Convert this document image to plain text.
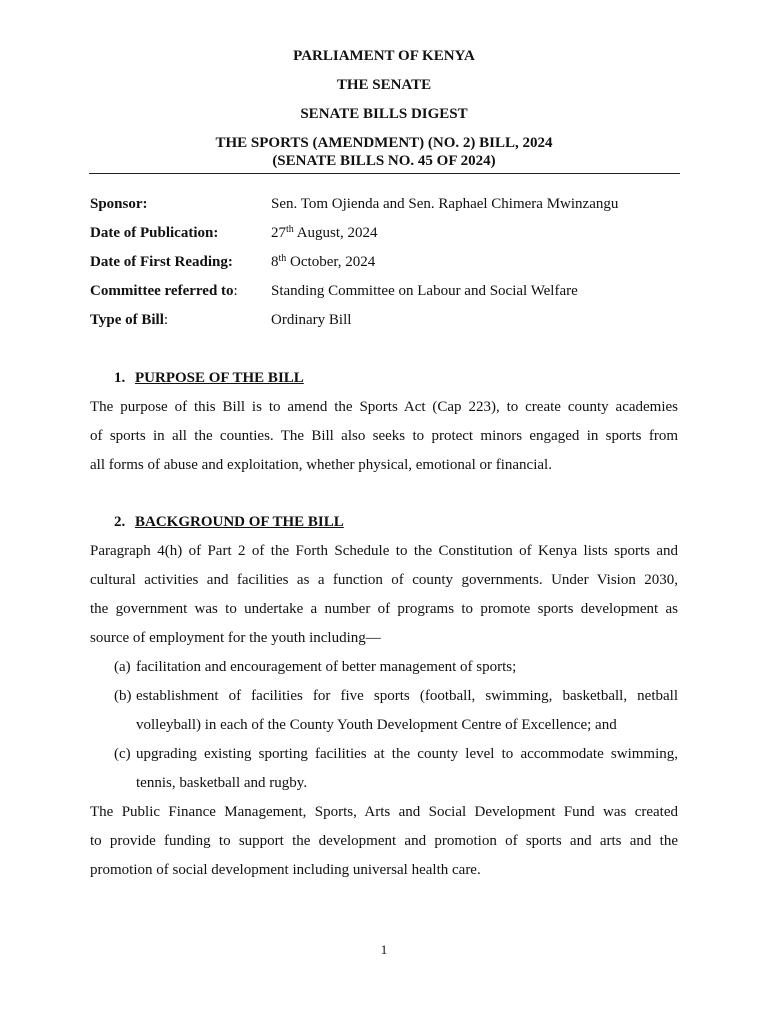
PARLIAMENT OF KENYA
THE SENATE
SENATE BILLS DIGEST
THE SPORTS (AMENDMENT) (NO. 2) BILL, 2024
(SENATE BILLS NO. 45 OF 2024)
Sponsor:	Sen. Tom Ojienda and Sen. Raphael Chimera Mwinzangu
Date of Publication:	27th August, 2024
Date of First Reading:	8th October, 2024
Committee referred to: Standing Committee on Labour and Social Welfare
Type of Bill:	Ordinary Bill
1. PURPOSE OF THE BILL
The purpose of this Bill is to amend the Sports Act (Cap 223), to create county academies
of sports in all the counties. The Bill also seeks to protect minors engaged in sports from
all forms of abuse and exploitation, whether physical, emotional or financial.
2. BACKGROUND OF THE BILL
Paragraph 4(h) of Part 2 of the Forth Schedule to the Constitution of Kenya lists sports and
cultural activities and facilities as a function of county governments. Under Vision 2030,
the government was to undertake a number of programs to promote sports development as
source of employment for the youth including—
(a) facilitation and encouragement of better management of sports;
(b) establishment of facilities for five sports (football, swimming, basketball, netball
volleyball) in each of the County Youth Development Centre of Excellence; and
(c) upgrading existing sporting facilities at the county level to accommodate swimming,
tennis, basketball and rugby.
The Public Finance Management, Sports, Arts and Social Development Fund was created
to provide funding to support the development and promotion of sports and arts and the
promotion of social development including universal health care.
1
